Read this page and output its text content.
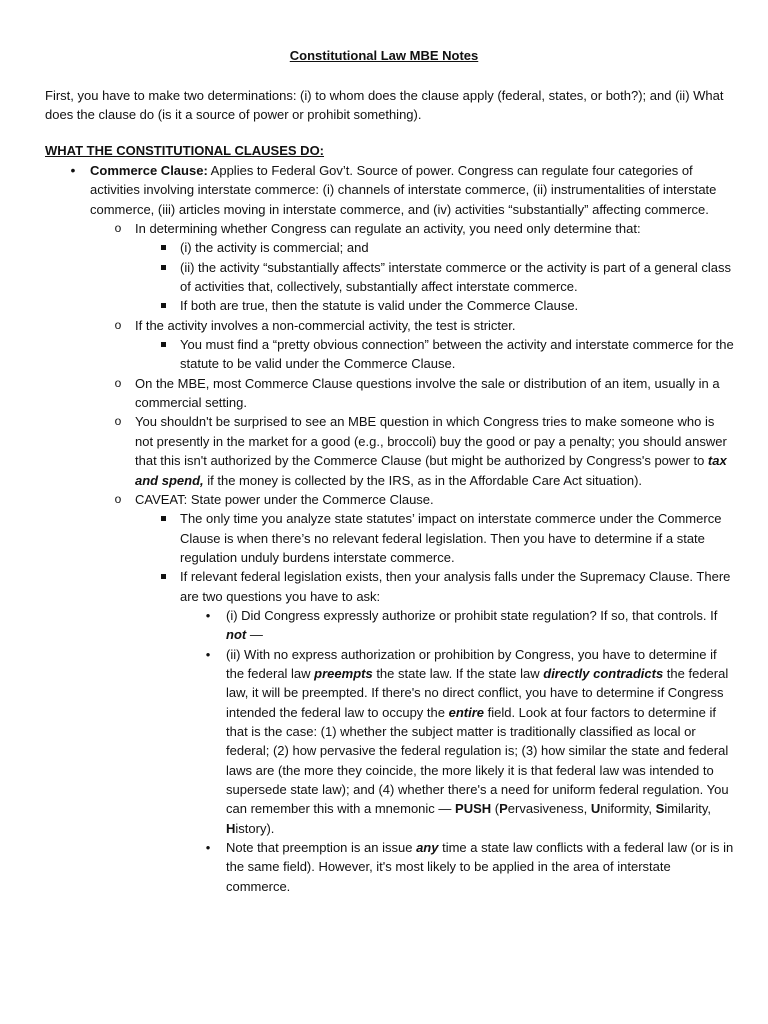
Constitutional Law MBE Notes
First, you have to make two determinations: (i) to whom does the clause apply (federal, states, or both?); and (ii) What does the clause do (is it a source of power or prohibit something).
WHAT THE CONSTITUTIONAL CLAUSES DO:
• Commerce Clause: Applies to Federal Gov’t. Source of power. Congress can regulate four categories of activities involving interstate commerce: (i) channels of interstate commerce, (ii) instrumentalities of interstate commerce, (iii) articles moving in interstate commerce, and (iv) activities “substantially” affecting commerce.
o In determining whether Congress can regulate an activity, you need only determine that:
(i) the activity is commercial; and
(ii) the activity “substantially affects” interstate commerce or the activity is part of a general class of activities that, collectively, substantially affect interstate commerce.
If both are true, then the statute is valid under the Commerce Clause.
o If the activity involves a non-commercial activity, the test is stricter.
You must find a “pretty obvious connection” between the activity and interstate commerce for the statute to be valid under the Commerce Clause.
o On the MBE, most Commerce Clause questions involve the sale or distribution of an item, usually in a commercial setting.
o You shouldn't be surprised to see an MBE question in which Congress tries to make someone who is not presently in the market for a good (e.g., broccoli) buy the good or pay a penalty; you should answer that this isn't authorized by the Commerce Clause (but might be authorized by Congress's power to tax and spend, if the money is collected by the IRS, as in the Affordable Care Act situation).
o CAVEAT: State power under the Commerce Clause.
The only time you analyze state statutes’ impact on interstate commerce under the Commerce Clause is when there’s no relevant federal legislation. Then you have to determine if a state regulation unduly burdens interstate commerce.
If relevant federal legislation exists, then your analysis falls under the Supremacy Clause. There are two questions you have to ask:
• (i) Did Congress expressly authorize or prohibit state regulation? If so, that controls. If not —
• (ii) With no express authorization or prohibition by Congress, you have to determine if the federal law preempts the state law. If the state law directly contradicts the federal law, it will be preempted. If there's no direct conflict, you have to determine if Congress intended the federal law to occupy the entire field. Look at four factors to determine if that is the case: (1) whether the subject matter is traditionally classified as local or federal; (2) how pervasive the federal regulation is; (3) how similar the state and federal laws are (the more they coincide, the more likely it is that federal law was intended to supersede state law); and (4) whether there's a need for uniform federal regulation. You can remember this with a mnemonic — PUSH (Pervasiveness, Uniformity, Similarity, History).
• Note that preemption is an issue any time a state law conflicts with a federal law (or is in the same field). However, it's most likely to be applied in the area of interstate commerce.
